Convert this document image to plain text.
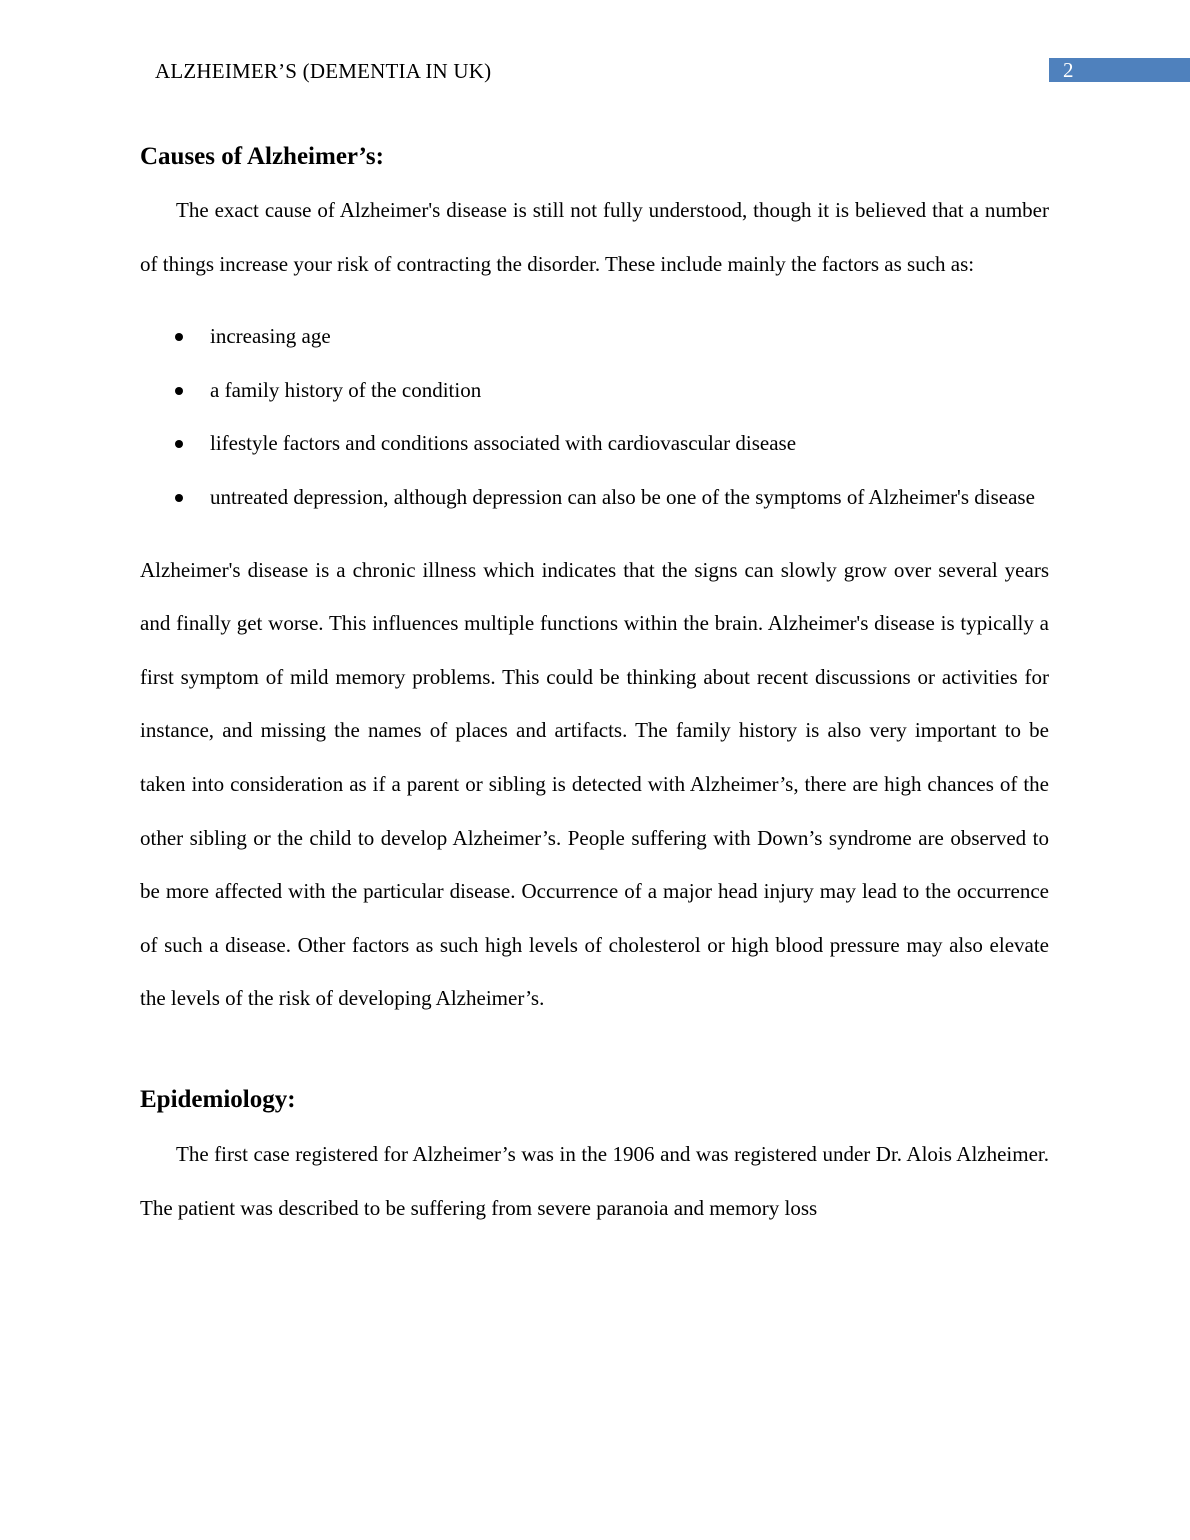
ALZHEIMER’S (DEMENTIA IN UK)	2
Causes of Alzheimer’s:

The exact cause of Alzheimer's disease is still not fully understood, though it is believed that a number of things increase your risk of contracting the disorder. These include mainly the factors as such as:

increasing age
a family history of the condition
lifestyle factors and conditions associated with cardiovascular disease
untreated depression, although depression can also be one of the symptoms of Alzheimer's disease

Alzheimer's disease is a chronic illness which indicates that the signs can slowly grow over several years and finally get worse. This influences multiple functions within the brain. Alzheimer's disease is typically a first symptom of mild memory problems. This could be thinking about recent discussions or activities for instance, and missing the names of places and artifacts. The family history is also very important to be taken into consideration as if a parent or sibling is detected with Alzheimer’s, there are high chances of the other sibling or the child to develop Alzheimer’s. People suffering with Down’s syndrome are observed to be more affected with the particular disease. Occurrence of a major head injury may lead to the occurrence of such a disease. Other factors as such high levels of cholesterol or high blood pressure may also elevate the levels of the risk of developing Alzheimer’s.

Epidemiology:

The first case registered for Alzheimer’s was in the 1906 and was registered under Dr. Alois Alzheimer. The patient was described to be suffering from severe paranoia and memory loss
